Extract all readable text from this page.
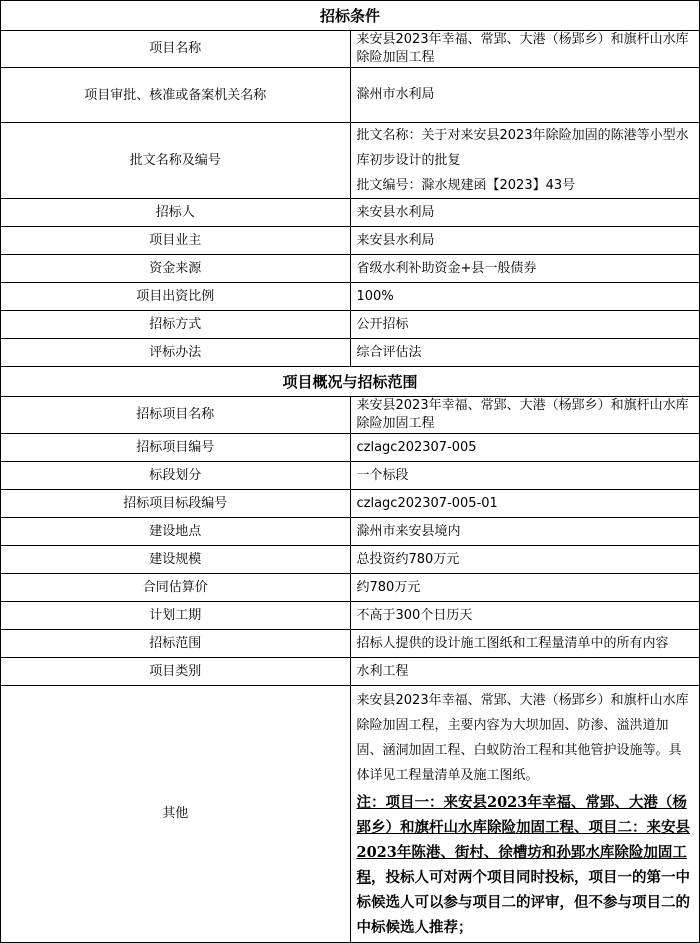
招标条件	
项目名称	来安县2023年幸福、常郢、大港（杨郢乡）和旗杆山水库除险加固工程
项目审批、核准或备案机关名称	滁州市水利局
批文名称及编号	批文名称：关于对来安县2023年除险加固的陈港等小型水库初步设计的批复
批文编号：滁水规建函【2023】43号

招标人	来安县水利局
项目业主	来安县水利局
资金来源	省级水利补助资金+县一般债券
项目出资比例	100%
招标方式	公开招标
评标办法	综合评估法
项目概况与招标范围	
招标项目名称	来安县2023年幸福、常郢、大港（杨郢乡）和旗杆山水库除险加固工程
招标项目编号	czlagc202307-005
标段划分	一个标段
招标项目标段编号	czlagc202307-005-01
建设地点	滁州市来安县境内
建设规模	总投资约780万元
合同估算价	约780万元
计划工期	不高于300个日历天
招标范围	招标人提供的设计施工图纸和工程量清单中的所有内容
项目类别	水利工程
其他	来安县2023年幸福、常郢、大港（杨郢乡）和旗杆山水库除险加固工程，主要内容为大坝加固、防渗、溢洪道加固、涵洞加固工程、白蚁防治工程和其他管护设施等。具体详见工程量清单及施工图纸。
注：项目一：来安县2023年幸福、常郢、大港（杨郢乡）和旗杆山水库除险加固工程、项目二：来安县2023年陈港、街村、徐槽坊和孙郢水库除险加固工程，投标人可对两个项目同时投标，项目一的第一中标候选人可以参与项目二的评审，但不参与项目二的中标候选人推荐；
